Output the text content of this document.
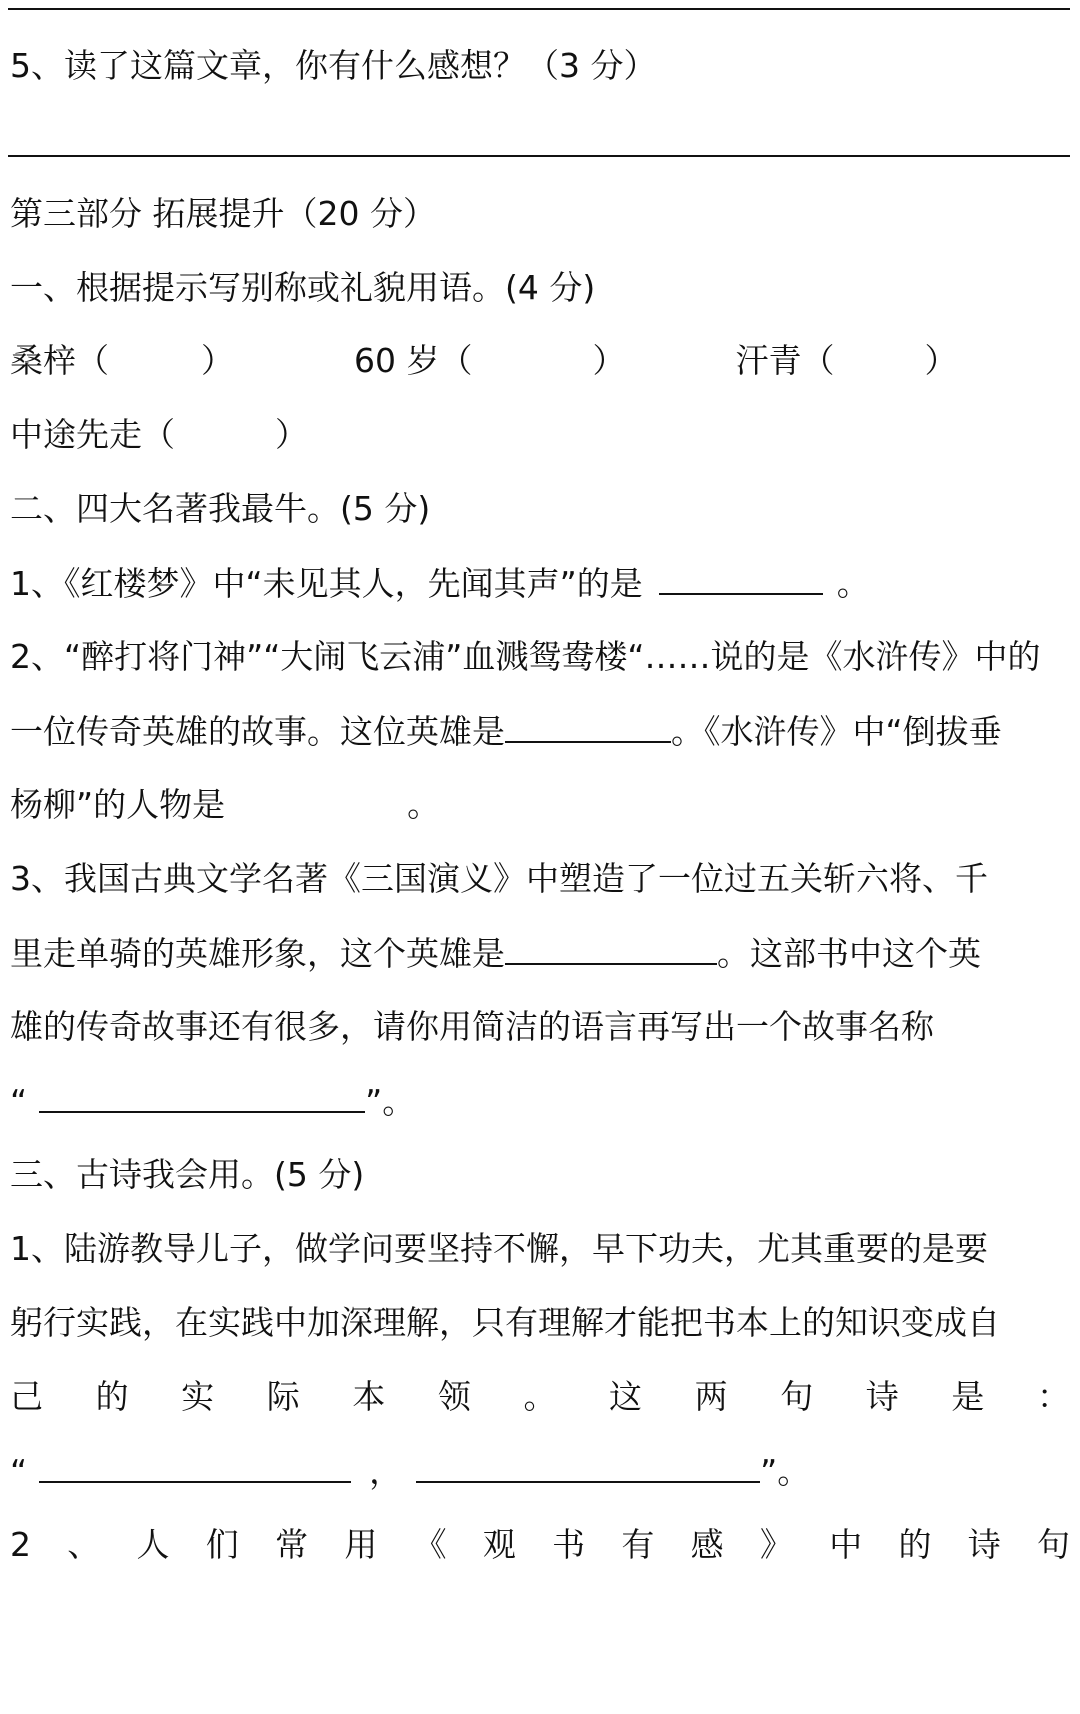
5、读了这篇文章，你有什么感想？（3 分）
第三部分 拓展提升（20 分）
一、根据提示写别称或礼貌用语。(4 分)
桑梓（	）	60 岁（	）	汗青（	）
中途先走（	）
二、四大名著我最牛。(5 分)
1、《红楼梦》中“未见其人，先闻其声”的是	。
2、“醉打将门神”“大闹飞云浦”血溅鸳鸯楼“……说的是《水浒传》中的
一位传奇英雄的故事。这位英雄是	。《水浒传》中“倒拔垂
杨柳”的人物是	。
3、我国古典文学名著《三国演义》中塑造了一位过五关斩六将、千
里走单骑的英雄形象，这个英雄是	。这部书中这个英
雄的传奇故事还有很多，请你用简洁的语言再写出一个故事名称
“	”。
三、古诗我会用。(5 分)
1、陆游教导儿子，做学问要坚持不懈，早下功夫，尤其重要的是要
躬行实践，在实践中加深理解，只有理解才能把书本上的知识变成自
己 的 实 际 本 领 。 这 两 句 诗 是 ：
“	，	”。
2 、 人 们 常 用 《 观 书 有 感 》 中 的 诗 句
